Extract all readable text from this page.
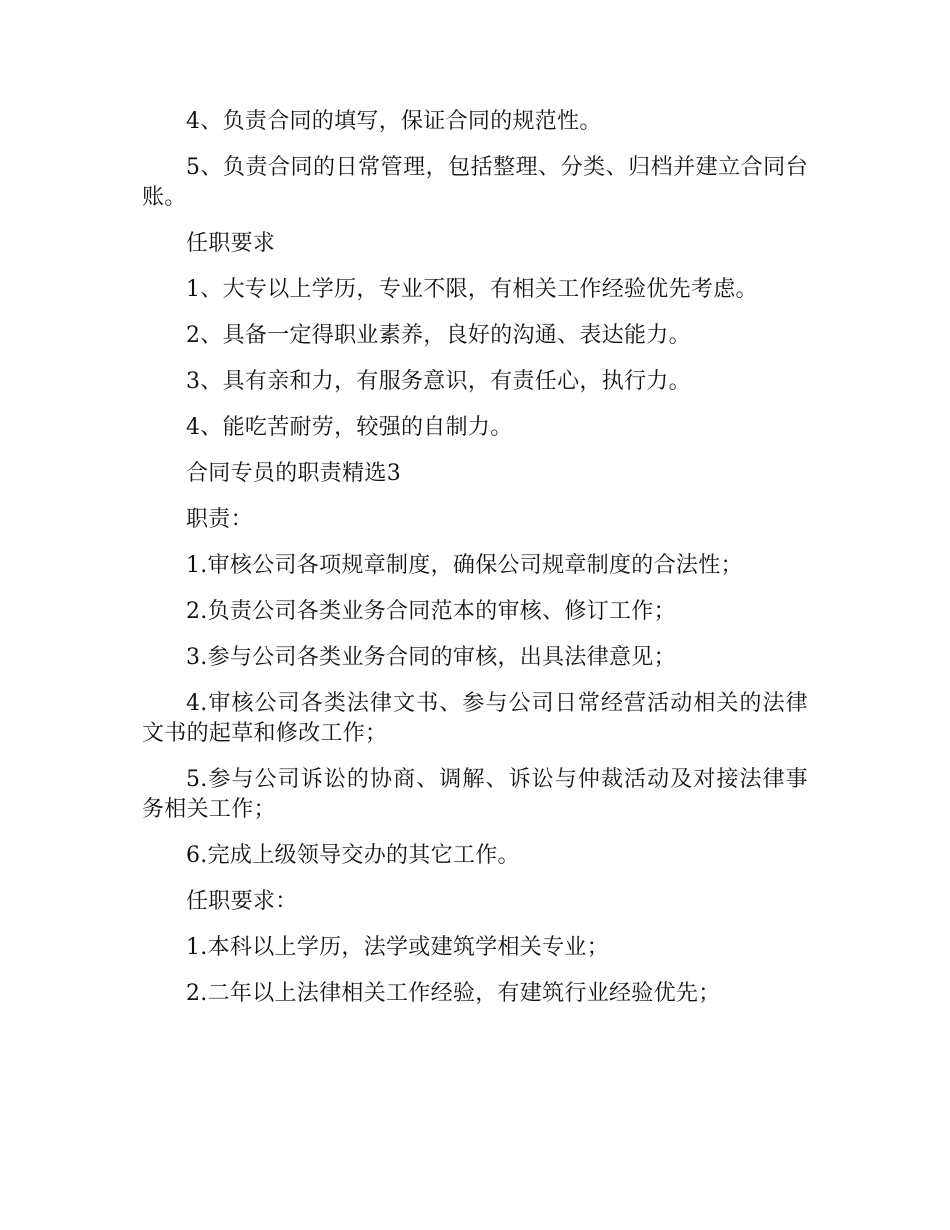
4、负责合同的填写，保证合同的规范性。

5、负责合同的日常管理，包括整理、分类、归档并建立合同台账。

任职要求

1、大专以上学历，专业不限，有相关工作经验优先考虑。

2、具备一定得职业素养，良好的沟通、表达能力。

3、具有亲和力，有服务意识，有责任心，执行力。

4、能吃苦耐劳，较强的自制力。

合同专员的职责精选3

职责：

1.审核公司各项规章制度，确保公司规章制度的合法性；

2.负责公司各类业务合同范本的审核、修订工作；

3.参与公司各类业务合同的审核，出具法律意见；

4.审核公司各类法律文书、参与公司日常经营活动相关的法律文书的起草和修改工作；

5.参与公司诉讼的协商、调解、诉讼与仲裁活动及对接法律事务相关工作；

6.完成上级领导交办的其它工作。

任职要求：

1.本科以上学历，法学或建筑学相关专业；

2.二年以上法律相关工作经验，有建筑行业经验优先；
